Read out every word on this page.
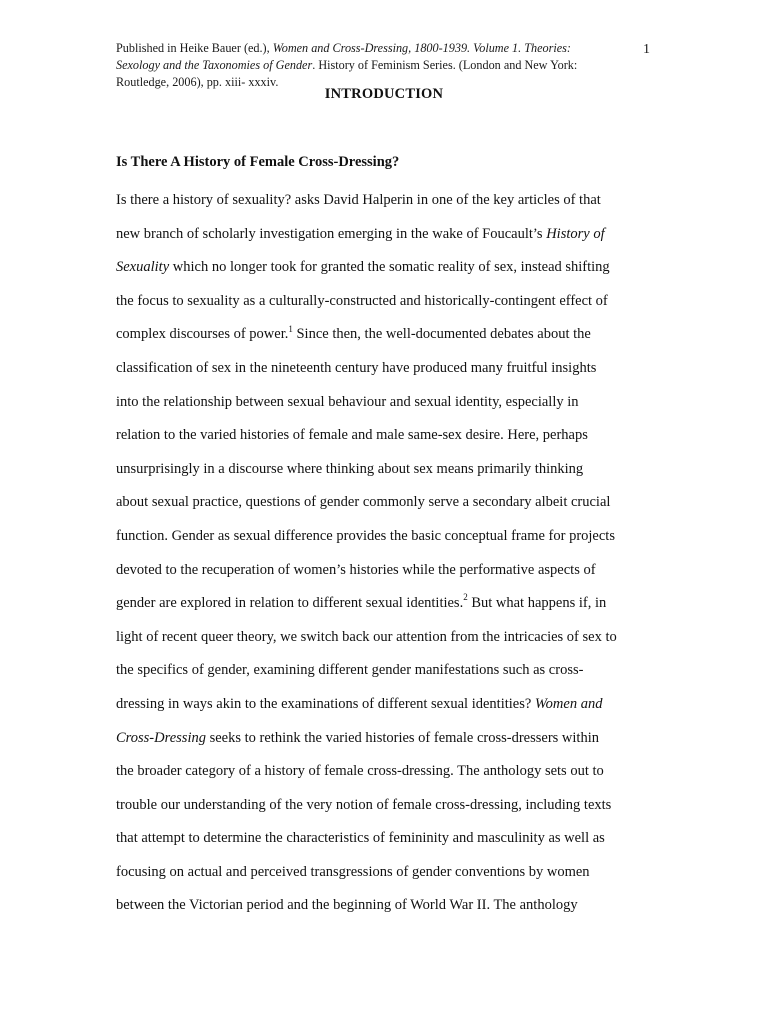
Published in Heike Bauer (ed.), Women and Cross-Dressing, 1800-1939. Volume 1. Theories: Sexology and the Taxonomies of Gender. History of Feminism Series. (London and New York: Routledge, 2006), pp. xiii- xxxiv.
1
INTRODUCTION
Is There A History of Female Cross-Dressing?
Is there a history of sexuality? asks David Halperin in one of the key articles of that
new branch of scholarly investigation emerging in the wake of Foucault’s History of
Sexuality which no longer took for granted the somatic reality of sex, instead shifting
the focus to sexuality as a culturally-constructed and historically-contingent effect of
complex discourses of power.$^1$ Since then, the well-documented debates about the
classification of sex in the nineteenth century have produced many fruitful insights
into the relationship between sexual behaviour and sexual identity, especially in
relation to the varied histories of female and male same-sex desire. Here, perhaps
unsurprisingly in a discourse where thinking about sex means primarily thinking
about sexual practice, questions of gender commonly serve a secondary albeit crucial
function. Gender as sexual difference provides the basic conceptual frame for projects
devoted to the recuperation of women’s histories while the performative aspects of
gender are explored in relation to different sexual identities.$^2$ But what happens if, in
light of recent queer theory, we switch back our attention from the intricacies of sex to
the specifics of gender, examining different gender manifestations such as cross-
dressing in ways akin to the examinations of different sexual identities? Women and
Cross-Dressing seeks to rethink the varied histories of female cross-dressers within
the broader category of a history of female cross-dressing. The anthology sets out to
trouble our understanding of the very notion of female cross-dressing, including texts
that attempt to determine the characteristics of femininity and masculinity as well as
focusing on actual and perceived transgressions of gender conventions by women
between the Victorian period and the beginning of World War II. The anthology
